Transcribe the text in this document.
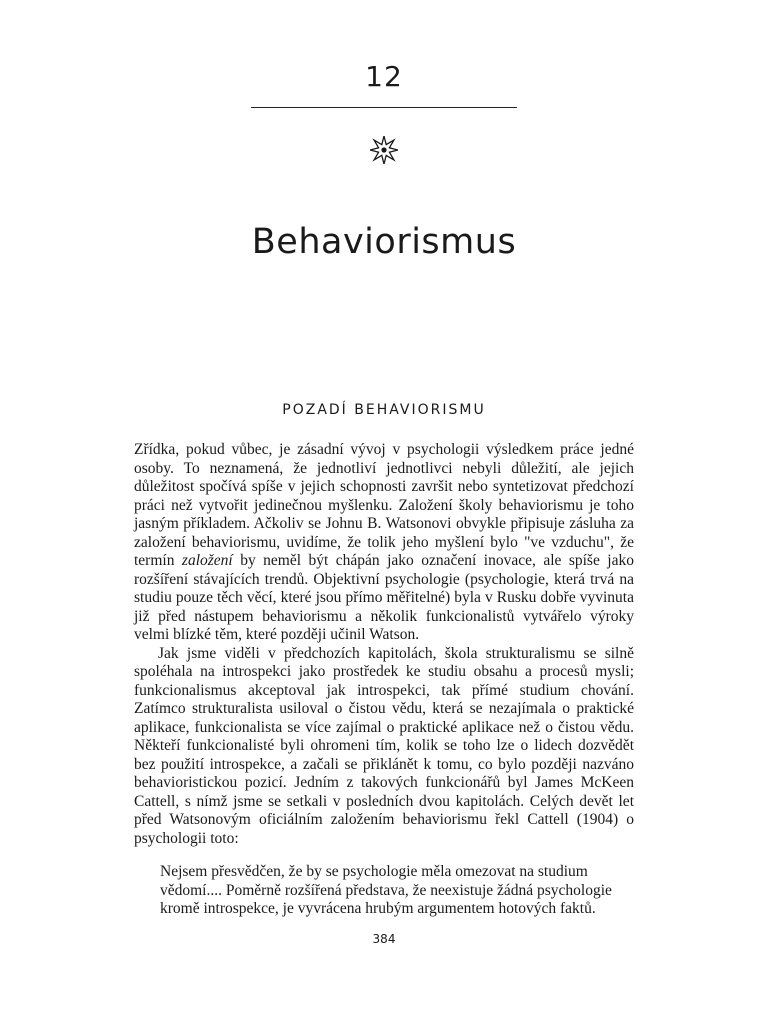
12
Behaviorismus
POZADÍ BEHAVIORISMU

Zřídka, pokud vůbec, je zásadní vývoj v psychologii výsledkem práce jedné osoby. To neznamená, že jednotliví jednotlivci nebyli důležití, ale jejich důležitost spočívá spíše v jejich schopnosti završit nebo syntetizovat předchozí práci než vytvořit jedinečnou myšlenku. Založení školy behaviorismu je toho jasným příkladem. Ačkoliv se Johnu B. Watsonovi obvykle připisuje zásluha za založení behaviorismu, uvidíme, že tolik jeho myšlení bylo "ve vzduchu", že termín založení by neměl být chápán jako označení inovace, ale spíše jako rozšíření stávajících trendů. Objektivní psychologie (psychologie, která trvá na studiu pouze těch věcí, které jsou přímo měřitelné) byla v Rusku dobře vyvinuta již před nástupem behaviorismu a několik funkcionalistů vytvářelo výroky velmi blízké těm, které později učinil Watson.

Jak jsme viděli v předchozích kapitolách, škola strukturalismu se silně spoléhala na introspekci jako prostředek ke studiu obsahu a procesů mysli; funkcionalismus akceptoval jak introspekci, tak přímé studium chování. Zatímco strukturalista usiloval o čistou vědu, která se nezajímala o praktické aplikace, funkcionalista se více zajímal o praktické aplikace než o čistou vědu. Někteří funkcionalisté byli ohromeni tím, kolik se toho lze o lidech dozvědět bez použití introspekce, a začali se přiklánět k tomu, co bylo později nazváno behavioristickou pozicí. Jedním z takových funkcionářů byl James McKeen Cattell, s nímž jsme se setkali v posledních dvou kapitolách. Celých devět let před Watsonovým oficiálním založením behaviorismu řekl Cattell (1904) o psychologii toto:

Nejsem přesvědčen, že by se psychologie měla omezovat na studium
vědomí.... Poměrně rozšířená představa, že neexistuje žádná psychologie
kromě introspekce, je vyvrácena hrubým argumentem hotových faktů.
384
